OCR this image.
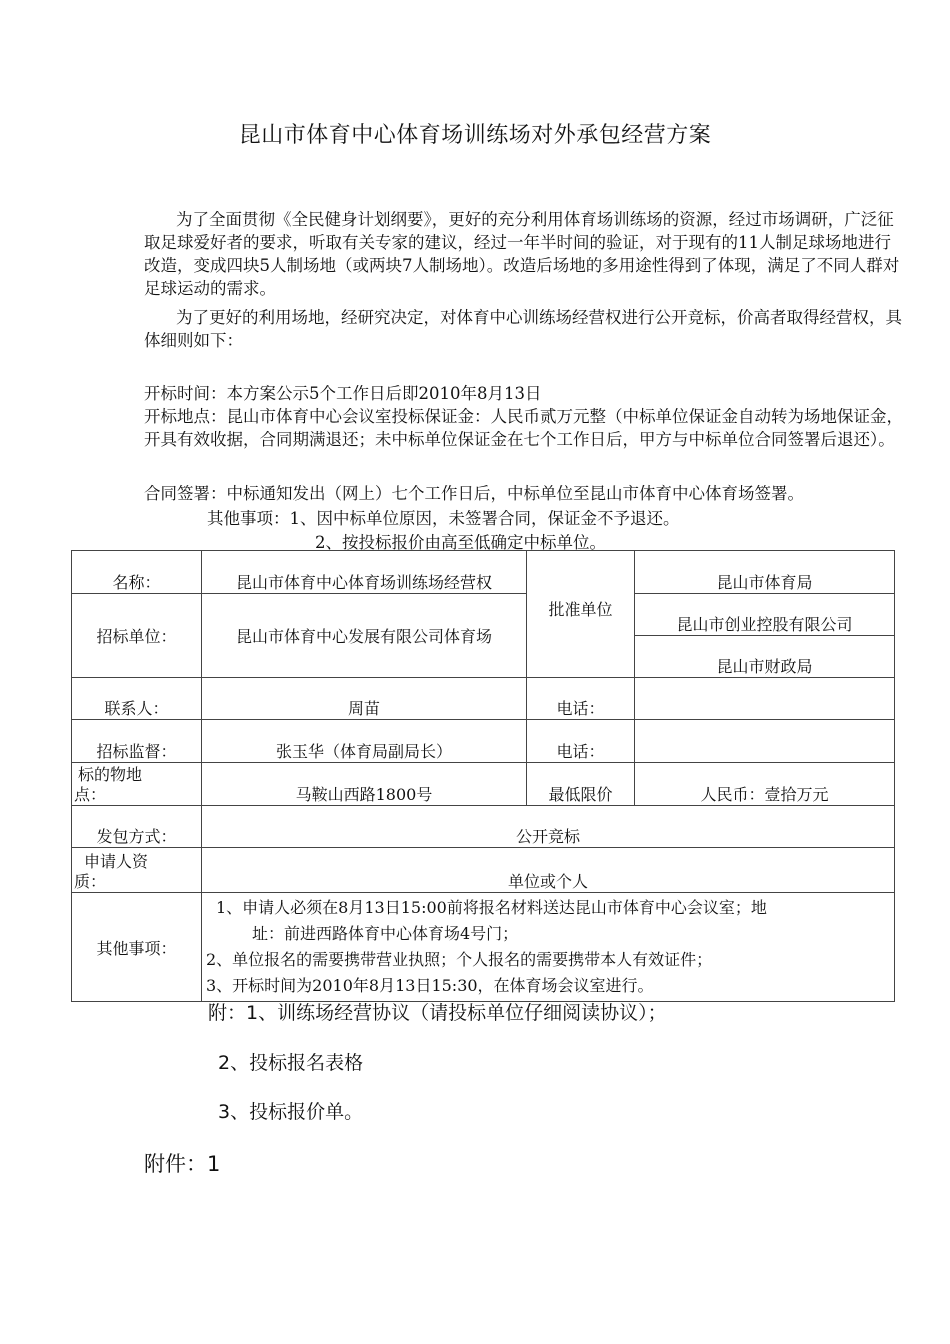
昆山市体育中心体育场训练场对外承包经营方案
为了全面贯彻《全民健身计划纲要》，更好的充分利用体育场训练场的资源，经过市场调研，广泛征取足球爱好者的要求，听取有关专家的建议，经过一年半时间的验证，对于现有的11人制足球场地进行改造，变成四块5人制场地（或两块7人制场地）。改造后场地的多用途性得到了体现，满足了不同人群对足球运动的需求。
为了更好的利用场地，经研究决定，对体育中心训练场经营权进行公开竞标，价高者取得经营权，具体细则如下：
开标时间：本方案公示5个工作日后即2010年8月13日
开标地点：昆山市体育中心会议室投标保证金：人民币贰万元整（中标单位保证金自动转为场地保证金，开具有效收据，合同期满退还；未中标单位保证金在七个工作日后，甲方与中标单位合同签署后退还）。
合同签署：中标通知发出（网上）七个工作日后，中标单位至昆山市体育中心体育场签署。
其他事项：1、因中标单位原因，未签署合同，保证金不予退还。
2、按投标报价由高至低确定中标单位。
名称：	昆山市体育中心体育场训练场经营权	批准单位	昆山市体育局
招标单位：	昆山市体育中心发展有限公司体育场		昆山市创业控股有限公司
			昆山市财政局
联系人：	周苗	电话：	
招标监督：	张玉华（体育局副局长）	电话：	

标的物地
点：	马鞍山西路1800号	最低限价	人民币：壹拾万元
发包方式：	公开竞标		

申请人资
质：	单位或个人		
其他事项：	1、申请人必须在8月13日15:00前将报名材料送达昆山市体育中心会议室；地
址：前进西路体育中心体育场4号门；
2、单位报名的需要携带营业执照；个人报名的需要携带本人有效证件；
3、开标时间为2010年8月13日15:30，在体育场会议室进行。		
附：1、训练场经营协议（请投标单位仔细阅读协议）；
2、投标报名表格
3、投标报价单。
附件：1
